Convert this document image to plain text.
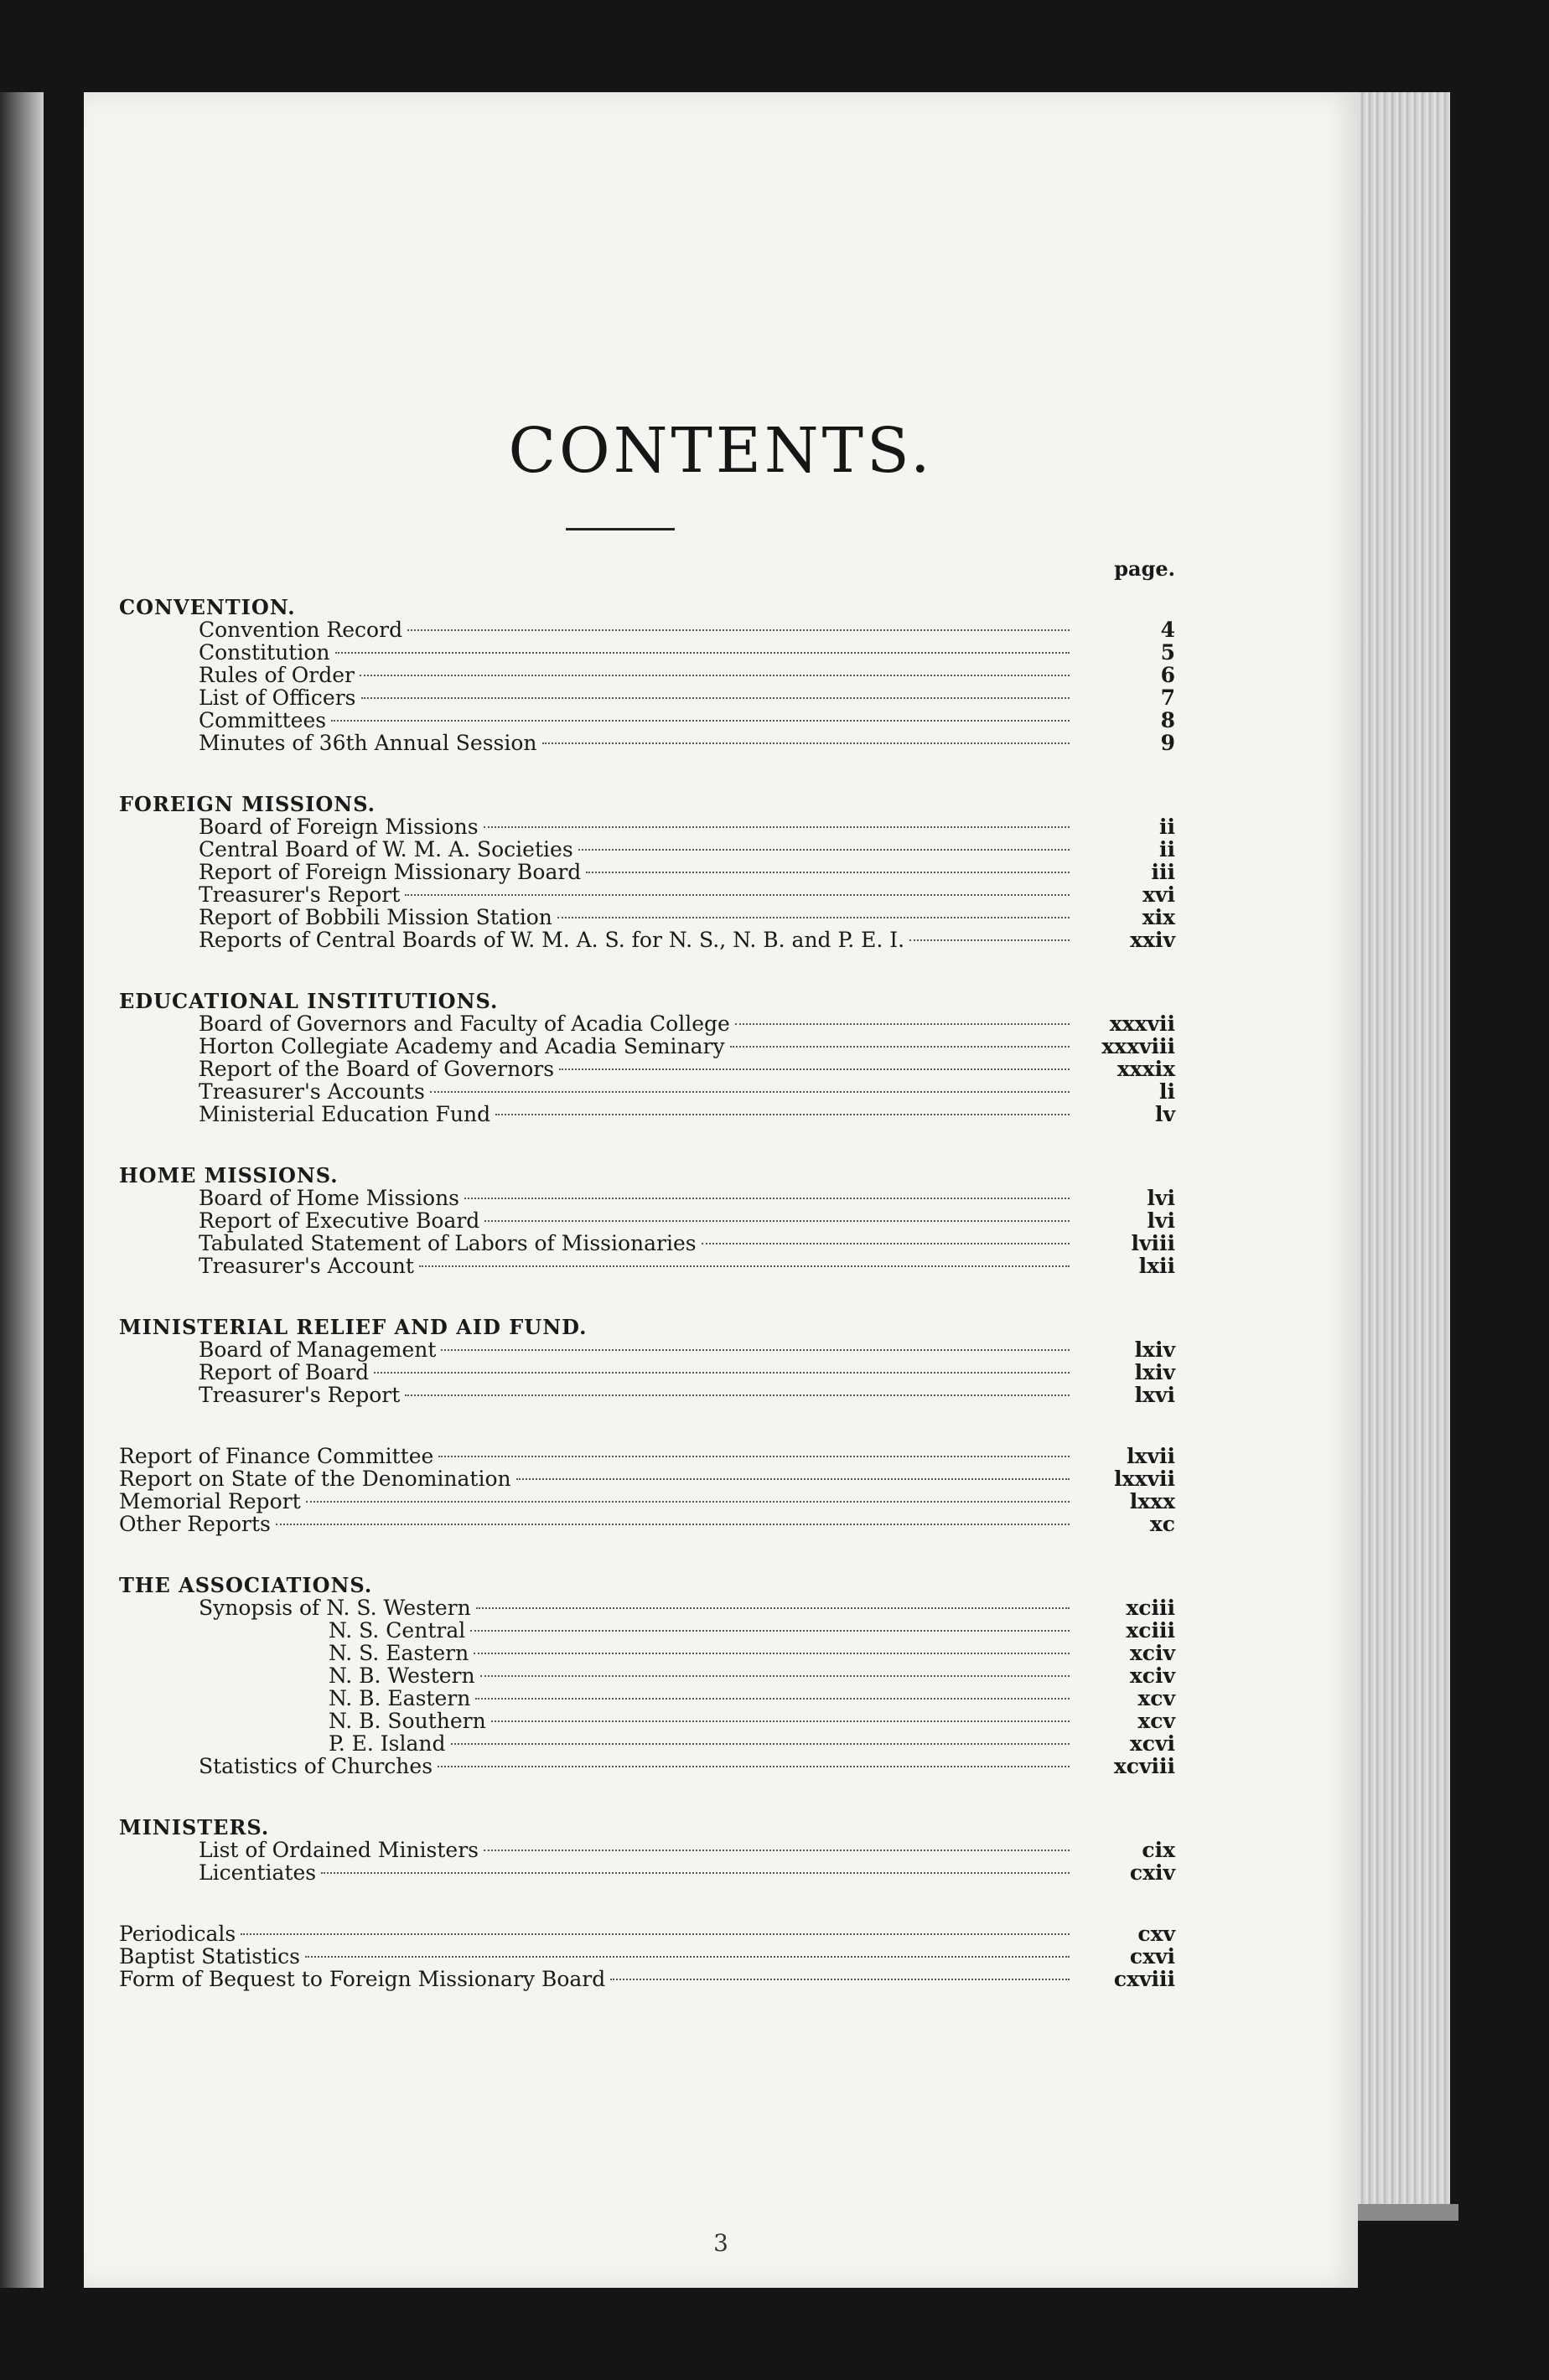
CONTENTS.
page.
CONVENTION.
Convention Record	4
Constitution	5
Rules of Order	6
List of Officers	7
Committees	8
Minutes of 36th Annual Session	9
FOREIGN MISSIONS.
Board of Foreign Missions	ii
Central Board of W. M. A. Societies	ii
Report of Foreign Missionary Board	iii
Treasurer's Report	xvi
Report of Bobbili Mission Station	xix
Reports of Central Boards of W. M. A. S. for N. S., N. B. and P. E. I.	xxiv
EDUCATIONAL INSTITUTIONS.
Board of Governors and Faculty of Acadia College	xxxvii
Horton Collegiate Academy and Acadia Seminary	xxxviii
Report of the Board of Governors	xxxix
Treasurer's Accounts	li
Ministerial Education Fund	lv
HOME MISSIONS.
Board of Home Missions	lvi
Report of Executive Board	lvi
Tabulated Statement of Labors of Missionaries	lviii
Treasurer's Account	lxii
MINISTERIAL RELIEF AND AID FUND.
Board of Management	lxiv
Report of Board	lxiv
Treasurer's Report	lxvi
Report of Finance Committee	lxvii
Report on State of the Denomination	lxxvii
Memorial Report	lxxx
Other Reports	xc
THE ASSOCIATIONS.
Synopsis of N. S. Western	xciii
N. S. Central	xciii
N. S. Eastern	xciv
N. B. Western	xciv
N. B. Eastern	xcv
N. B. Southern	xcv
P. E. Island	xcvi
Statistics of Churches	xcviii
MINISTERS.
List of Ordained Ministers	cix
Licentiates	cxiv
Periodicals	cxv
Baptist Statistics	cxvi
Form of Bequest to Foreign Missionary Board	cxviii
3
